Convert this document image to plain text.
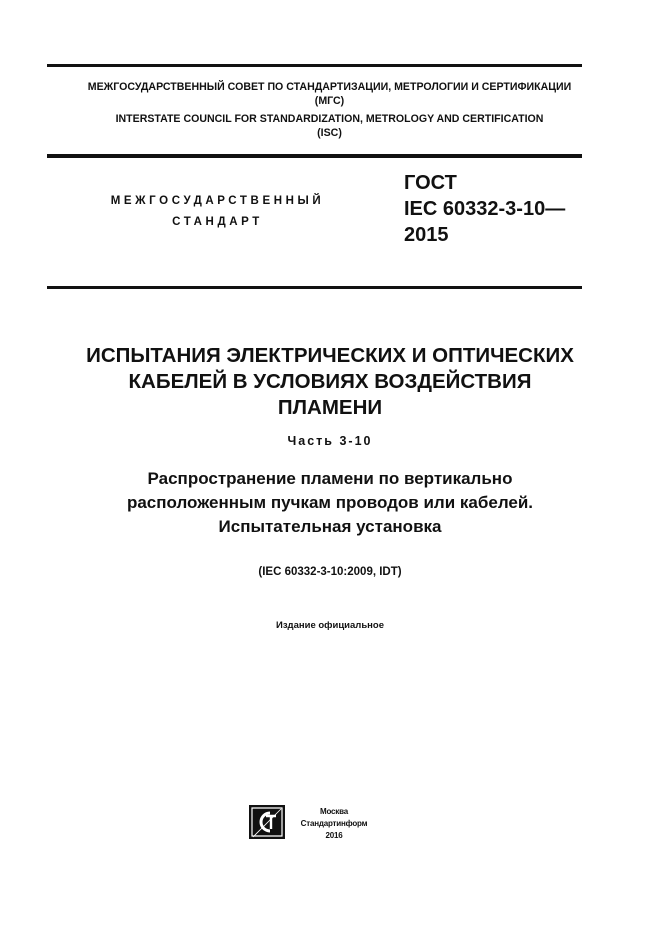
МЕЖГОСУДАРСТВЕННЫЙ СОВЕТ ПО СТАНДАРТИЗАЦИИ, МЕТРОЛОГИИ И СЕРТИФИКАЦИИ
(МГС)
INTERSTATE COUNCIL FOR STANDARDIZATION, METROLOGY AND CERTIFICATION
(ISC)
МЕЖГОСУДАРСТВЕННЫЙ
СТАНДАРТ
ГОСТ
IEC 60332-3-10—
2015
ИСПЫТАНИЯ ЭЛЕКТРИЧЕСКИХ И ОПТИЧЕСКИХ
КАБЕЛЕЙ В УСЛОВИЯХ ВОЗДЕЙСТВИЯ
ПЛАМЕНИ
Часть 3-10
Распространение пламени по вертикально
расположенным пучкам проводов или кабелей.
Испытательная установка
(IEC 60332-3-10:2009, IDT)
Издание официальное
Москва
Стандартинформ
2016
